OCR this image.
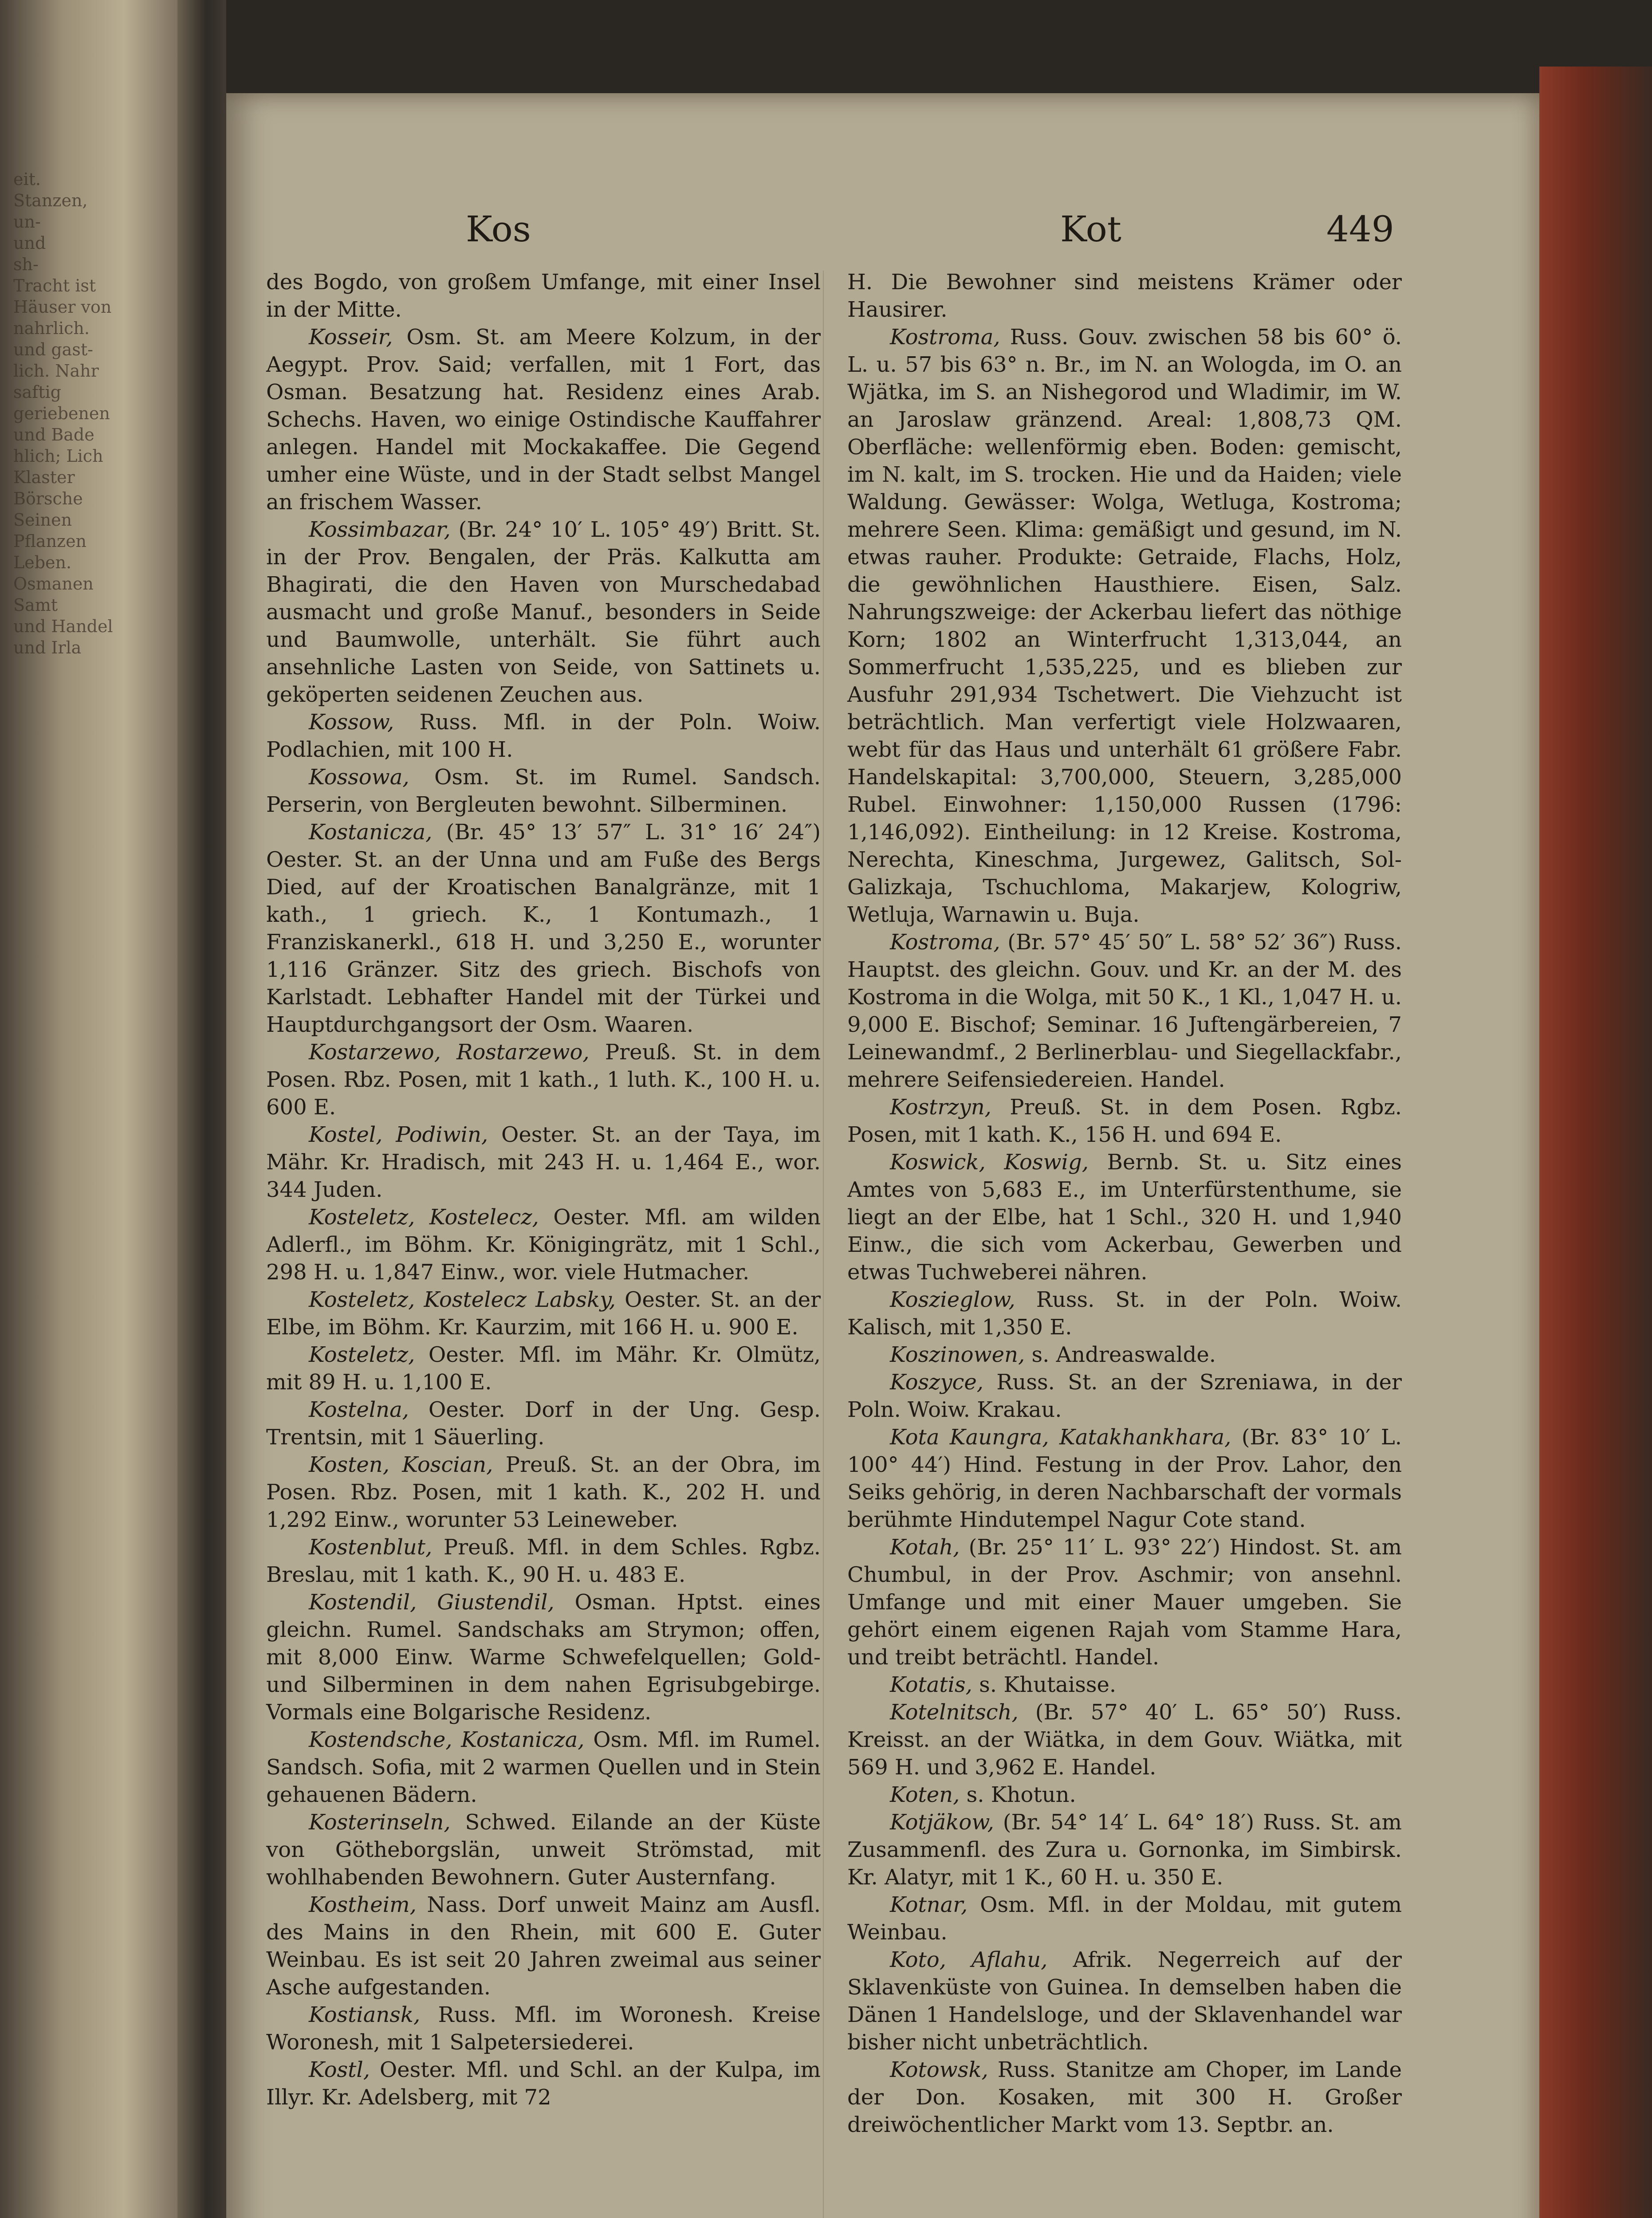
eit.
Stanzen,
un-
und
sh-
Tracht ist
Häuser von
nahrlich.
und gast-
lich. Nahr
saftig
geriebenen
und Bade
hlich; Lich
Klaster
Börsche
Seinen
Pflanzen
Leben.
Osmanen
Samt
und Handel
und Irla
Kos	Kot	449

des Bogdo, von großem Umfange, mit einer Insel in der Mitte.

  Kosseir, Osm. St. am Meere Kolzum, in der Aegypt. Prov. Said; verfallen, mit 1 Fort, das Osman. Besatzung hat. Residenz eines Arab. Schechs. Haven, wo einige Ostindische Kauffahrer anlegen. Handel mit Mockakaffee. Die Gegend umher eine Wüste, und in der Stadt selbst Mangel an frischem Wasser.

  Kossimbazar, (Br. 24° 10′ L. 105° 49′) Britt. St. in der Prov. Bengalen, der Präs. Kalkutta am Bhagirati, die den Haven von Murschedabad ausmacht und große Manuf., besonders in Seide und Baumwolle, unterhält. Sie führt auch ansehnliche Lasten von Seide, von Sattinets u. geköperten seidenen Zeuchen aus.

  Kossow, Russ. Mfl. in der Poln. Woiw. Podlachien, mit 100 H.

  Kossowa, Osm. St. im Rumel. Sandsch. Perserin, von Bergleuten bewohnt. Silberminen.

  Kostanicza, (Br. 45° 13′ 57″ L. 31° 16′ 24″) Oester. St. an der Unna und am Fuße des Bergs Died, auf der Kroatischen Banalgränze, mit 1 kath., 1 griech. K., 1 Kontumazh., 1 Franziskanerkl., 618 H. und 3,250 E., worunter 1,116 Gränzer. Sitz des griech. Bischofs von Karlstadt. Lebhafter Handel mit der Türkei und Hauptdurchgangsort der Osm. Waaren.

  Kostarzewo, Rostarzewo, Preuß. St. in dem Posen. Rbz. Posen, mit 1 kath., 1 luth. K., 100 H. u. 600 E.

  Kostel, Podiwin, Oester. St. an der Taya, im Mähr. Kr. Hradisch, mit 243 H. u. 1,464 E., wor. 344 Juden.

  Kosteletz, Kostelecz, Oester. Mfl. am wilden Adlerfl., im Böhm. Kr. Königingrätz, mit 1 Schl., 298 H. u. 1,847 Einw., wor. viele Hutmacher.

  Kosteletz, Kostelecz Labsky, Oester. St. an der Elbe, im Böhm. Kr. Kaurzim, mit 166 H. u. 900 E.

  Kosteletz, Oester. Mfl. im Mähr. Kr. Olmütz, mit 89 H. u. 1,100 E.

  Kostelna, Oester. Dorf in der Ung. Gesp. Trentsin, mit 1 Säuerling.

  Kosten, Koscian, Preuß. St. an der Obra, im Posen. Rbz. Posen, mit 1 kath. K., 202 H. und 1,292 Einw., worunter 53 Leineweber.

  Kostenblut, Preuß. Mfl. in dem Schles. Rgbz. Breslau, mit 1 kath. K., 90 H. u. 483 E.

  Kostendil, Giustendil, Osman. Hptst. eines gleichn. Rumel. Sandschaks am Strymon; offen, mit 8,000 Einw. Warme Schwefelquellen; Gold- und Silberminen in dem nahen Egrisubgebirge. Vormals eine Bolgarische Residenz.

  Kostendsche, Kostanicza, Osm. Mfl. im Rumel. Sandsch. Sofia, mit 2 warmen Quellen und in Stein gehauenen Bädern.

  Kosterinseln, Schwed. Eilande an der Küste von Götheborgslän, unweit Strömstad, mit wohlhabenden Bewohnern. Guter Austernfang.

  Kostheim, Nass. Dorf unweit Mainz am Ausfl. des Mains in den Rhein, mit 600 E. Guter Weinbau. Es ist seit 20 Jahren zweimal aus seiner Asche aufgestanden.

  Kostiansk, Russ. Mfl. im Woronesh. Kreise Woronesh, mit 1 Salpetersiederei.

  Kostl, Oester. Mfl. und Schl. an der Kulpa, im Illyr. Kr. Adelsberg, mit 72

H. Die Bewohner sind meistens Krämer oder Hausirer.

  Kostroma, Russ. Gouv. zwischen 58 bis 60° ö. L. u. 57 bis 63° n. Br., im N. an Wologda, im O. an Wjätka, im S. an Nishegorod und Wladimir, im W. an Jaroslaw gränzend. Areal: 1,808,73 QM. Oberfläche: wellenförmig eben. Boden: gemischt, im N. kalt, im S. trocken. Hie und da Haiden; viele Waldung. Gewässer: Wolga, Wetluga, Kostroma; mehrere Seen. Klima: gemäßigt und gesund, im N. etwas rauher. Produkte: Getraide, Flachs, Holz, die gewöhnlichen Hausthiere. Eisen, Salz. Nahrungszweige: der Ackerbau liefert das nöthige Korn; 1802 an Winterfrucht 1,313,044, an Sommerfrucht 1,535,225, und es blieben zur Ausfuhr 291,934 Tschetwert. Die Viehzucht ist beträchtlich. Man verfertigt viele Holzwaaren, webt für das Haus und unterhält 61 größere Fabr. Handelskapital: 3,700,000, Steuern, 3,285,000 Rubel. Einwohner: 1,150,000 Russen (1796: 1,146,092). Eintheilung: in 12 Kreise. Kostroma, Nerechta, Kineschma, Jurgewez, Galitsch, Sol-Galizkaja, Tschuchloma, Makarjew, Kologriw, Wetluja, Warnawin u. Buja.

  Kostroma, (Br. 57° 45′ 50″ L. 58° 52′ 36″) Russ. Hauptst. des gleichn. Gouv. und Kr. an der M. des Kostroma in die Wolga, mit 50 K., 1 Kl., 1,047 H. u. 9,000 E. Bischof; Seminar. 16 Juftengärbereien, 7 Leinewandmf., 2 Berlinerblau- und Siegellackfabr., mehrere Seifensiedereien. Handel.

  Kostrzyn, Preuß. St. in dem Posen. Rgbz. Posen, mit 1 kath. K., 156 H. und 694 E.

  Koswick, Koswig, Bernb. St. u. Sitz eines Amtes von 5,683 E., im Unterfürstenthume, sie liegt an der Elbe, hat 1 Schl., 320 H. und 1,940 Einw., die sich vom Ackerbau, Gewerben und etwas Tuchweberei nähren.

  Koszieglow, Russ. St. in der Poln. Woiw. Kalisch, mit 1,350 E.

  Koszinowen, s. Andreaswalde.

  Koszyce, Russ. St. an der Szreniawa, in der Poln. Woiw. Krakau.

  Kota Kaungra, Katakhankhara, (Br. 83° 10′ L. 100° 44′) Hind. Festung in der Prov. Lahor, den Seiks gehörig, in deren Nachbarschaft der vormals berühmte Hindutempel Nagur Cote stand.

  Kotah, (Br. 25° 11′ L. 93° 22′) Hindost. St. am Chumbul, in der Prov. Aschmir; von ansehnl. Umfange und mit einer Mauer umgeben. Sie gehört einem eigenen Rajah vom Stamme Hara, und treibt beträchtl. Handel.

  Kotatis, s. Khutaisse.

  Kotelnitsch, (Br. 57° 40′ L. 65° 50′) Russ. Kreisst. an der Wiätka, in dem Gouv. Wiätka, mit 569 H. und 3,962 E. Handel.

  Koten, s. Khotun.

  Kotjäkow, (Br. 54° 14′ L. 64° 18′) Russ. St. am Zusammenfl. des Zura u. Gornonka, im Simbirsk. Kr. Alatyr, mit 1 K., 60 H. u. 350 E.

  Kotnar, Osm. Mfl. in der Moldau, mit gutem Weinbau.

  Koto, Aflahu, Afrik. Negerreich auf der Sklavenküste von Guinea. In demselben haben die Dänen 1 Handelsloge, und der Sklavenhandel war bisher nicht unbeträchtlich.

  Kotowsk, Russ. Stanitze am Choper, im Lande der Don. Kosaken, mit 300 H. Großer dreiwöchentlicher Markt vom 13. Septbr. an.
